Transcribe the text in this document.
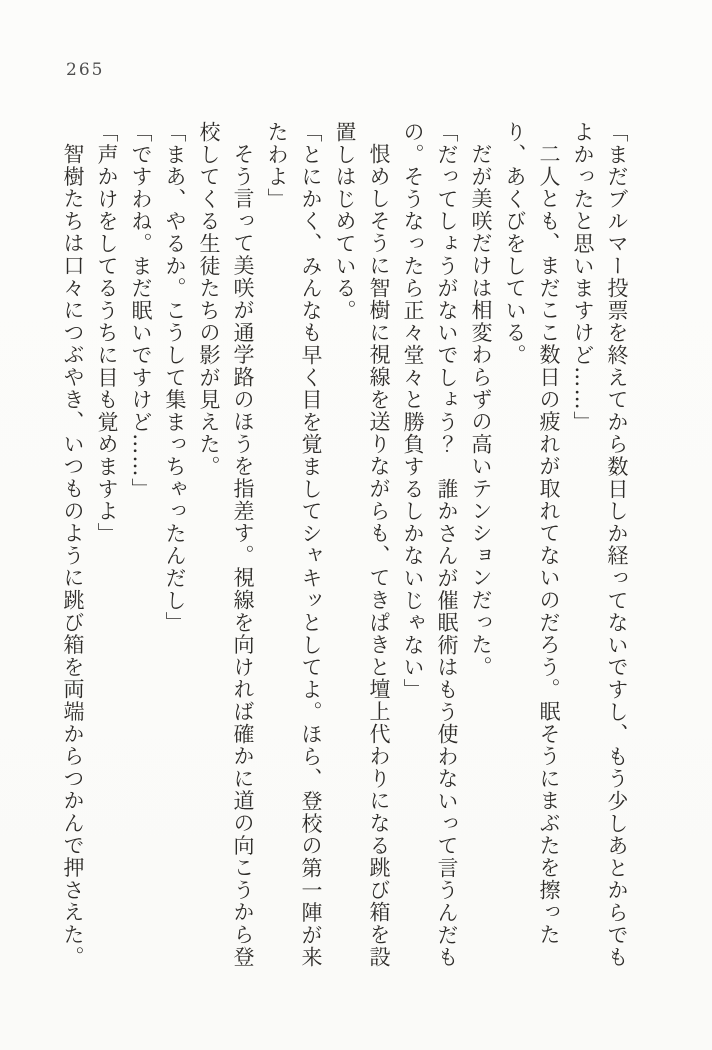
265

「まだブルマー投票を終えてから数日しか経ってないですし、もう少しあとからでもよかったと思いますけど……」

二人とも、まだここ数日の疲れが取れてないのだろう。眠そうにまぶたを擦ったり、あくびをしている。

だが美咲だけは相変わらずの高いテンションだった。

「だってしょうがないでしょう？　誰かさんが催眠術はもう使わないって言うんだもの。そうなったら正々堂々と勝負するしかないじゃない」

恨めしそうに智樹に視線を送りながらも、てきぱきと壇上代わりになる跳び箱を設置しはじめている。

「とにかく、みんなも早く目を覚ましてシャキッとしてよ。ほら、登校の第一陣が来たわよ」

そう言って美咲が通学路のほうを指差す。視線を向ければ確かに道の向こうから登校してくる生徒たちの影が見えた。

「まあ、やるか。こうして集まっちゃったんだし」

「ですわね。まだ眠いですけど……」

「声かけをしてるうちに目も覚めますよ」

智樹たちは口々につぶやき、いつものように跳び箱を両端からつかんで押さえた。
